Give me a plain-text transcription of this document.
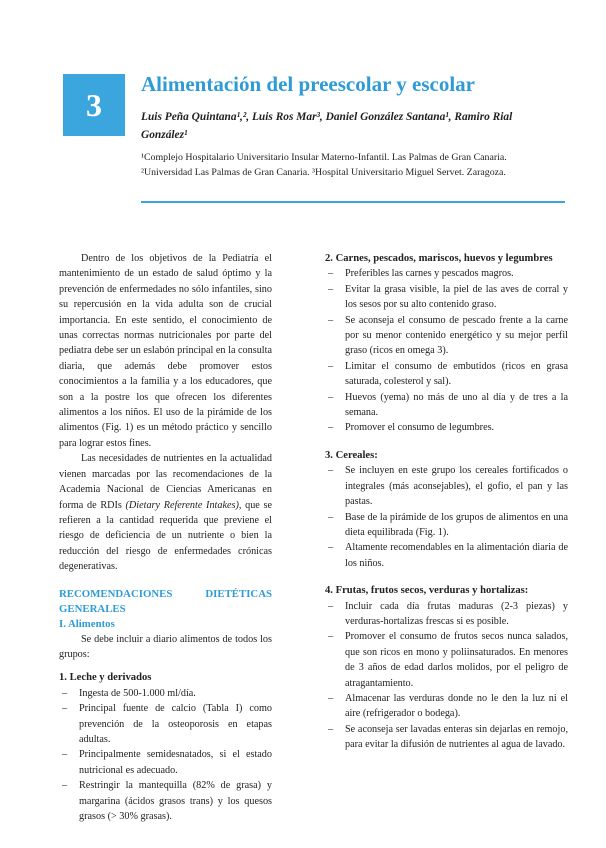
3
Alimentación del preescolar y escolar
Luis Peña Quintana¹,², Luis Ros Mar³, Daniel González Santana¹, Ramiro Rial González¹
¹Complejo Hospitalario Universitario Insular Materno-Infantil. Las Palmas de Gran Canaria. ²Universidad Las Palmas de Gran Canaria. ³Hospital Universitario Miguel Servet. Zaragoza.

Dentro de los objetivos de la Pediatría el mantenimiento de un estado de salud óptimo y la prevención de enfermedades no sólo infantiles, sino su repercusión en la vida adulta son de crucial importancia. En este sentido, el conocimiento de unas correctas normas nutricionales por parte del pediatra debe ser un eslabón principal en la consulta diaria, que además debe promover estos conocimientos a la familia y a los educadores, que son a la postre los que ofrecen los diferentes alimentos a los niños. El uso de la pirámide de los alimentos (Fig. 1) es un método práctico y sencillo para lograr estos fines.

Las necesidades de nutrientes en la actualidad vienen marcadas por las recomendaciones de la Academia Nacional de Ciencias Americanas en forma de RDIs (Dietary Referente Intakes), que se refieren a la cantidad requerida que previene el riesgo de deficiencia de un nutriente o bien la reducción del riesgo de enfermedades crónicas degenerativas.

RECOMENDACIONES DIETÉTICAS GENERALES
I. Alimentos

Se debe incluir a diario alimentos de todos los grupos:

1. Leche y derivados
– Ingesta de 500-1.000 ml/día.
– Principal fuente de calcio (Tabla I) como prevención de la osteoporosis en etapas adultas.
– Principalmente semidesnatados, si el estado nutricional es adecuado.
– Restringir la mantequilla (82% de grasa) y margarina (ácidos grasos trans) y los quesos grasos (> 30% grasas).
2. Carnes, pescados, mariscos, huevos y legumbres
– Preferibles las carnes y pescados magros.
– Evitar la grasa visible, la piel de las aves de corral y los sesos por su alto contenido graso.
– Se aconseja el consumo de pescado frente a la carne por su menor contenido energético y su mejor perfil graso (ricos en omega 3).
– Limitar el consumo de embutidos (ricos en grasa saturada, colesterol y sal).
– Huevos (yema) no más de uno al día y de tres a la semana.
– Promover el consumo de legumbres.
3. Cereales:
– Se incluyen en este grupo los cereales fortificados o integrales (más aconsejables), el gofio, el pan y las pastas.
– Base de la pirámide de los grupos de alimentos en una dieta equilibrada (Fig. 1).
– Altamente recomendables en la alimentación diaria de los niños.
4. Frutas, frutos secos, verduras y hortalizas:
– Incluir cada día frutas maduras (2-3 piezas) y verduras-hortalizas frescas si es posible.
– Promover el consumo de frutos secos nunca salados, que son ricos en mono y poliinsaturados. En menores de 3 años de edad darlos molidos, por el peligro de atragantamiento.
– Almacenar las verduras donde no le den la luz ni el aire (refrigerador o bodega).
– Se aconseja ser lavadas enteras sin dejarlas en remojo, para evitar la difusión de nutrientes al agua de lavado.
